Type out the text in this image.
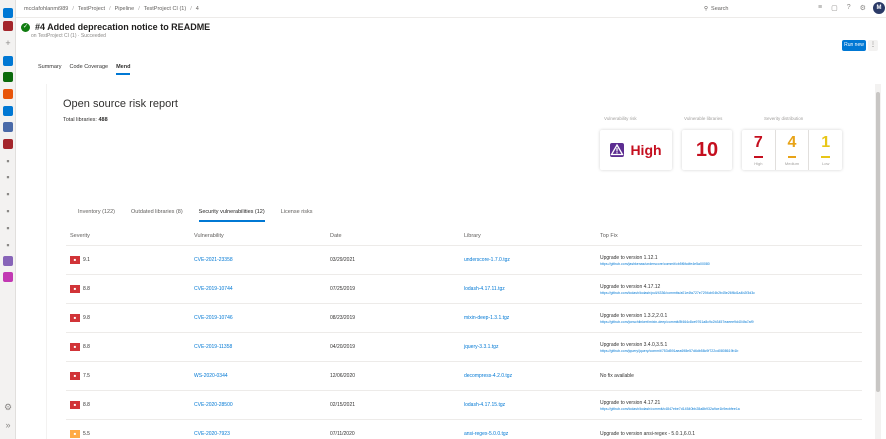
+
▪
▪
▪
▪
▪
▪
⚙
»
mcclafohlanmi989 / TestProject / Pipeline / TestProject CI (1) / 4	⚲ Search	≡ ▢ ? ⚙	M
✓ #4 Added deprecation notice to README
on TestProject CI (1) · Succeeded
Run new	⋮
Summary Code Coverage Mend
Open source risk report
Total libraries: 488	Vulnerability risk	Vulnerable libraries	Severity distribution
High	10	7
High
4
Medium
1
Low
Inventory (122)	Outdated libraries (8)	Security vulnerabilities (12)	License risks
Severity	Vulnerability	Date	Library	Top Fix
■	9.1	CVE-2021-23358	03/29/2021	underscore-1.7.0.tgz	Upgrade to version 1.12.1
https://github.com/jashkenas/underscore/commit/cb5f6fcdfe4e5a00080
■	8.8	CVE-2019-10744	07/25/2019	lodash-4.17.11.tgz	Upgrade to version 4.17.12
https://github.com/lodash/lodash/pull/4336/commits/a01e4fa727e7294cb04b2b45e26f6d1a4b2f3d3c
■	9.8	CVE-2019-10746	08/23/2019	mixin-deep-1.3.1.tgz	Upgrade to version 1.3.2,2.0.1
https://github.com/jonschlinkert/mixin-deep/commit/8f464c8ce9761a8c9c2b3457eaeee9d404fa7af9
■	8.8	CVE-2019-11358	04/20/2019	jquery-3.3.1.tgz	Upgrade to version 3.4.0,3.5.1
https://github.com/jquery/jquery/commit/753d591aea698e57d6db58c9f722cd0808619b1b
■	7.5	WS-2020-0344	12/06/2020	decompress-4.2.0.tgz	No fix available
■	8.8	CVE-2020-28500	02/15/2021	lodash-4.17.15.tgz	Upgrade to version 4.17.21
https://github.com/lodash/lodash/commit/c4847ebe7d14540bb28a8b932a9ce1b9ecbfee1a
■	5.5	CVE-2020-7923	07/11/2020	ansi-regex-5.0.0.tgz	Upgrade to version ansi-regex - 5.0.1,6.0.1
